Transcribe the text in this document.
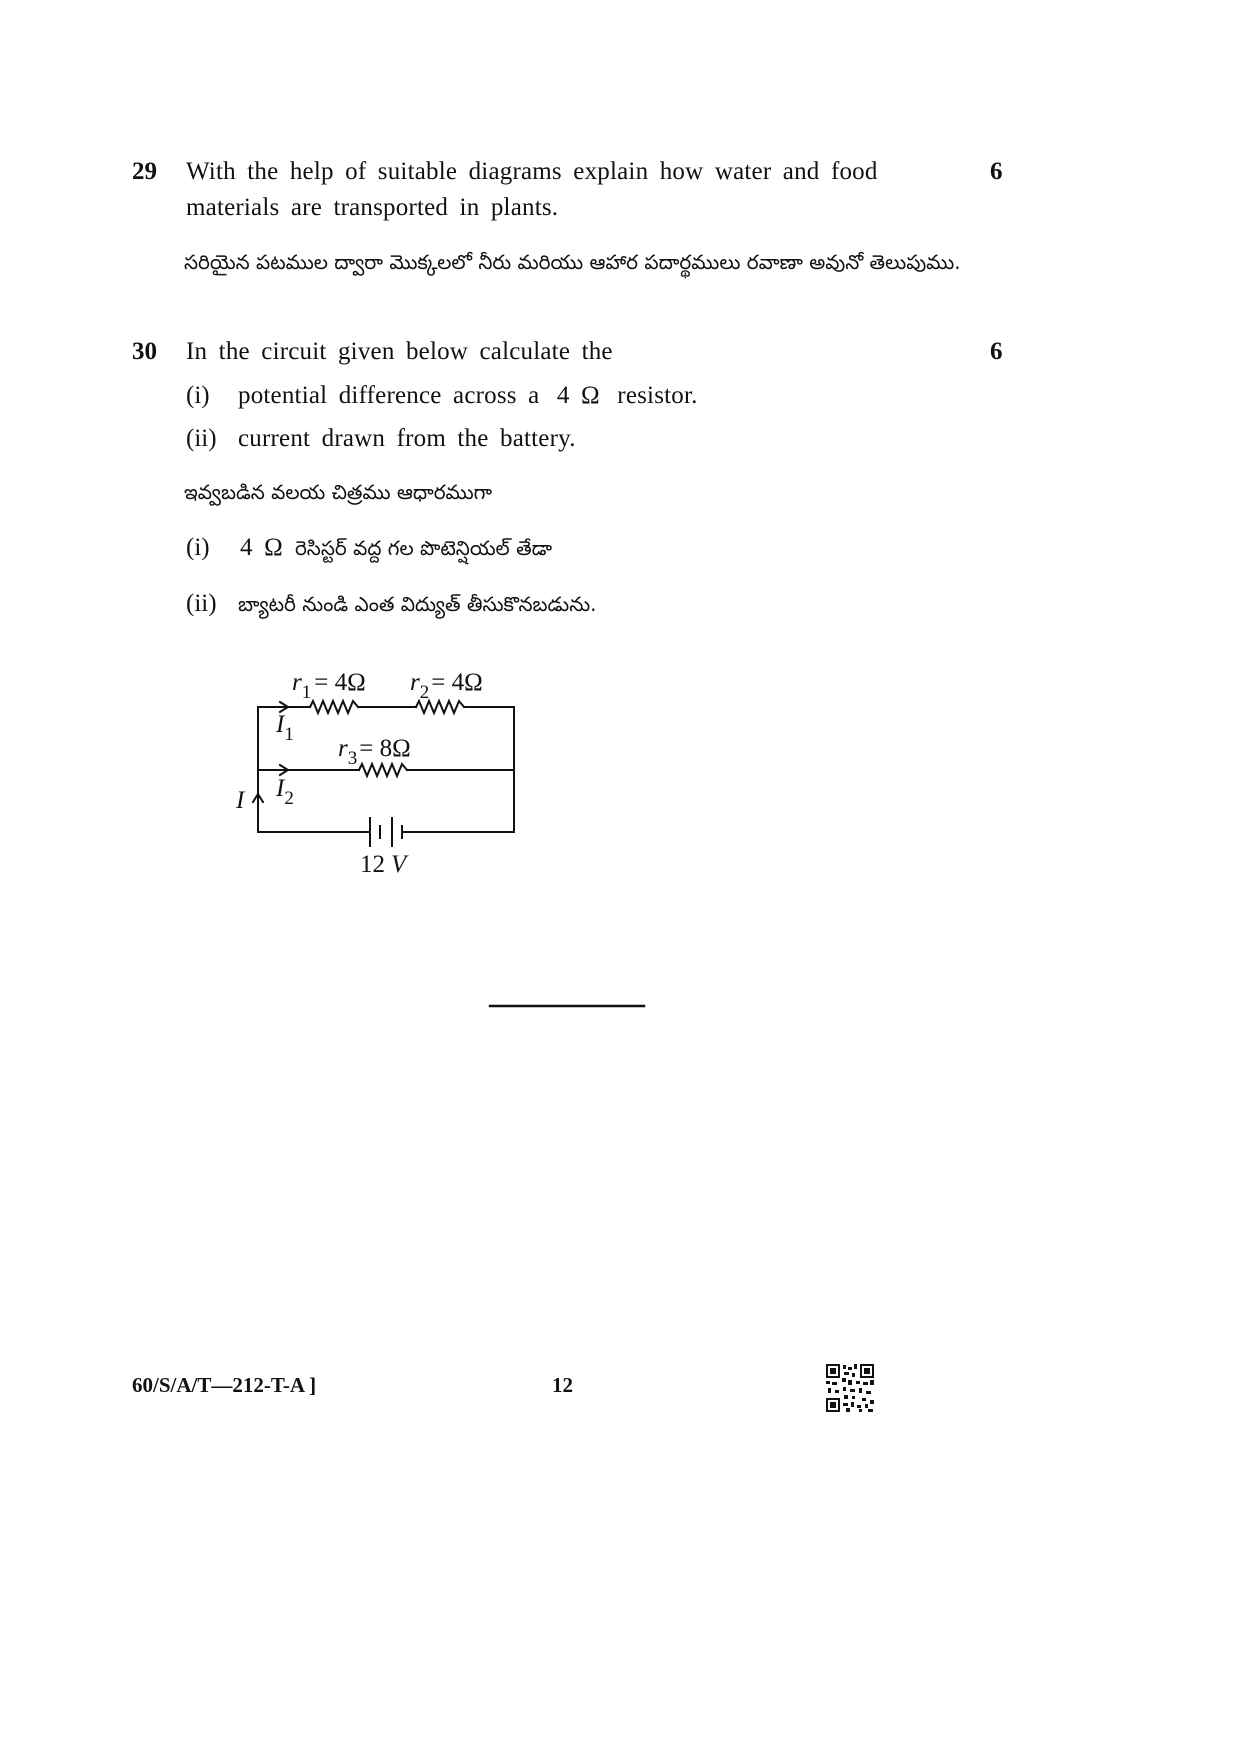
29 With the help of suitable diagrams explain how water and food
materials are transported in plants.
6
సరియైన పటముల ద్వారా మొక్కలలో నీరు మరియు ఆహార పదార్థములు రవాణా అవునో తెలుపుము.
30 In the circuit given below calculate the	6
(i) potential difference across a 4 Ω resistor.
(ii) current drawn from the battery.
ఇవ్వబడిన వలయ చిత్రము ఆధారముగా
(i) 4 Ω రెసిస్టర్ వద్ద గల పొటెన్షియల్ తేడా
(ii) బ్యాటరీ నుండి ఎంత విద్యుత్ తీసుకొనబడును.
$r_1 = 4\Omega$ $r_2= 4\Omega$
$r_3= 8\Omega$
$I_1$
$I_2$
I
12 V
60/S/A/T—212-T-A ]	12
